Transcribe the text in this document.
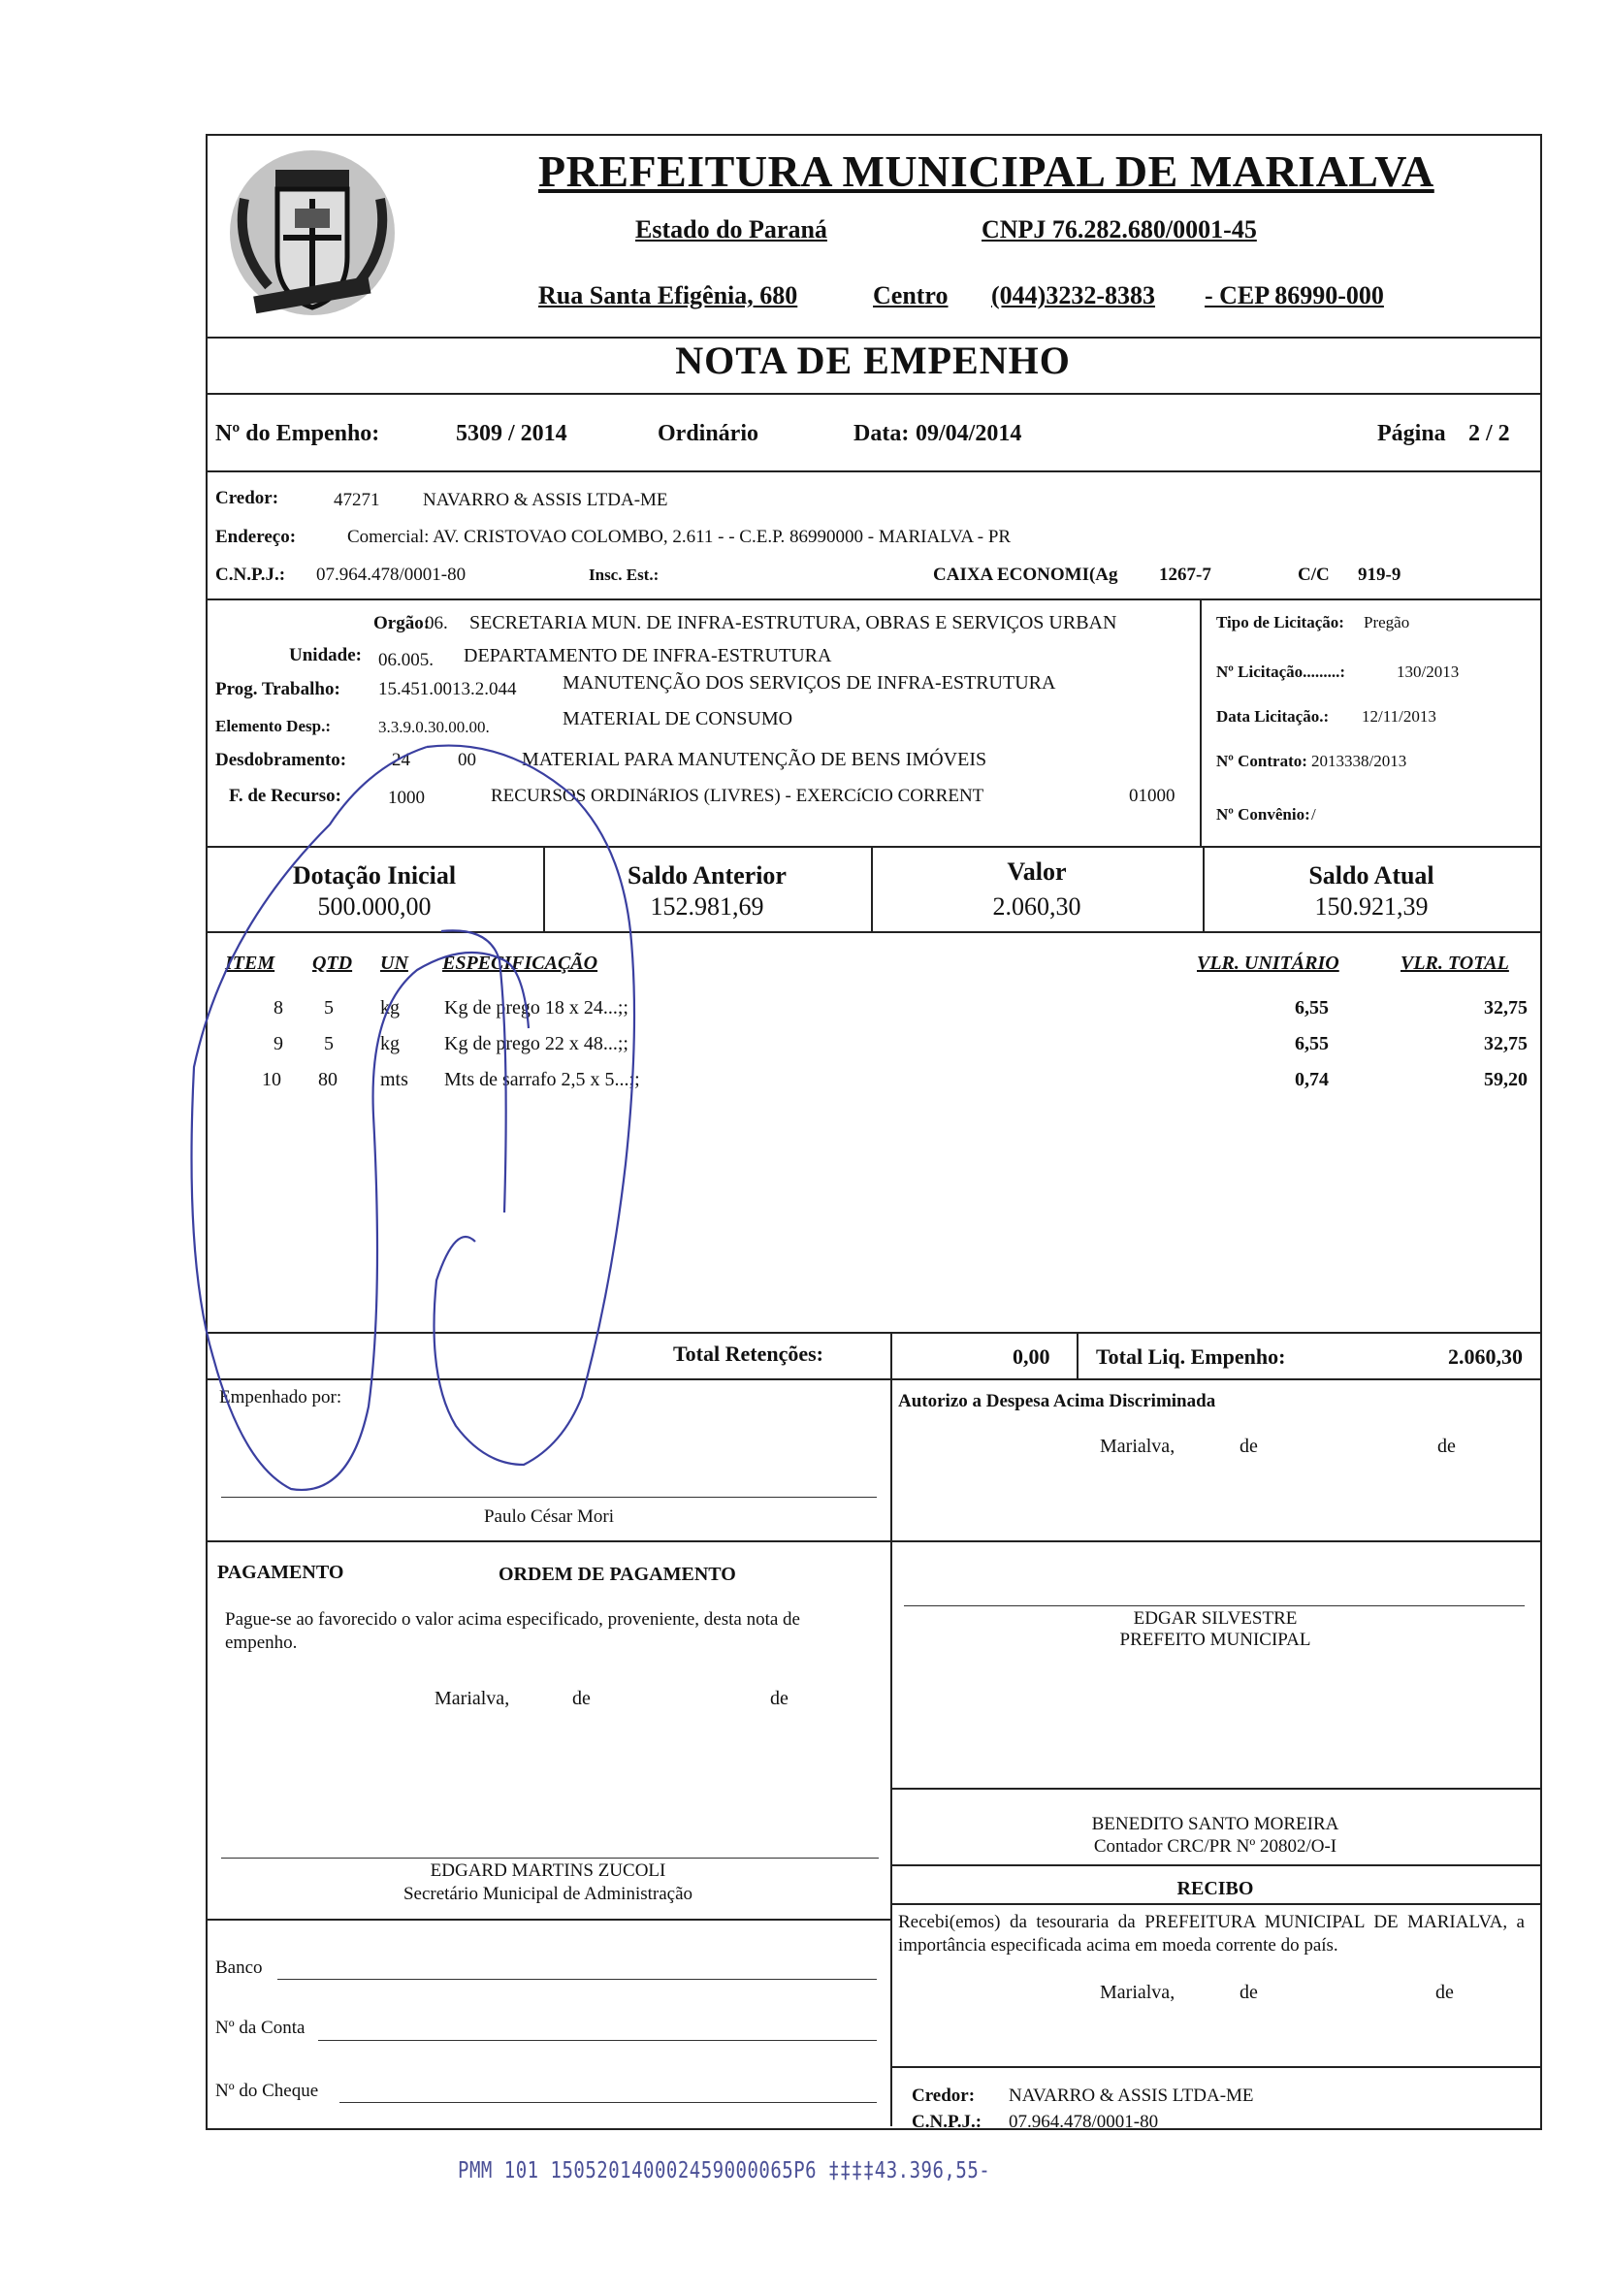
PREFEITURA MUNICIPAL DE MARIALVA
Estado do Paraná	CNPJ 76.282.680/0001-45
Rua Santa Efigênia, 680	Centro (044)3232-8383 - CEP 86990-000
NOTA DE EMPENHO
Nº do Empenho:	5309 / 2014	Ordinário	Data: 09/04/2014	Página 2 / 2
Credor:	47271 NAVARRO & ASSIS LTDA-ME
Endereço:	Comercial: AV. CRISTOVAO COLOMBO, 2.611 - - C.E.P. 86990000 - MARIALVA - PR
C.N.P.J.: 07.964.478/0001-80	Insc. Est.:	CAIXA ECONOMI(Ag 1267-7	C/C 919-9
Orgão:
06. SECRETARIA MUN. DE INFRA-ESTRUTURA, OBRAS E SERVIÇOS URBAN
Unidade: 06.005. DEPARTAMENTO DE INFRA-ESTRUTURA
Prog. Trabalho: 15.451.0013.2.044 MANUTENÇÃO DOS SERVIÇOS DE INFRA-ESTRUTURA
Elemento Desp.:	3.3.9.0.30.00.00.	MATERIAL DE CONSUMO
Desdobramento: 24	00 MATERIAL PARA MANUTENÇÃO DE BENS IMÓVEIS
F. de Recurso:	1000	RECURSOS ORDINáRIOS (LIVRES) - EXERCíCIO CORRENT	01000
Tipo de Licitação: Pregão
Nº Licitação.........:	130/2013
Data Licitação.: 12/11/2013
Nº Contrato: 2013338/2013
Nº Convênio: /
Dotação Inicial
500.000,00
Saldo Anterior
152.981,69
Valor
2.060,30
Saldo Atual
150.921,39
ITEM QTD UN ESPECIFICAÇÃO	VLR. UNITÁRIO	VLR. TOTAL
8 5 kg Kg de prego 18 x 24...;;	6,55	32,75
9 5 kg Kg de prego 22 x 48...;;	6,55	32,75
10 80 mts Mts de sarrafo 2,5 x 5...;;	0,74	59,20
Total Retenções:	0,00 Total Liq. Empenho:	2.060,30
Empenhado por:
Paulo César Mori
Autorizo a Despesa Acima Discriminada
Marialva,	de	de
PAGAMENTO	ORDEM DE PAGAMENTO
Pague-se ao favorecido o valor acima especificado, proveniente, desta nota de empenho.
Marialva,	de	de
EDGAR SILVESTRE
PREFEITO MUNICIPAL
BENEDITO SANTO MOREIRA
Contador CRC/PR Nº 20802/O-I
EDGARD MARTINS ZUCOLI
Secretário Municipal de Administração	RECIBO
Recebi(emos) da tesouraria da PREFEITURA MUNICIPAL DE MARIALVA, a importância especificada acima em moeda corrente do país.
Marialva,	de	de
Banco
Nº da Conta
Nº do Cheque	Credor: NAVARRO & ASSIS LTDA-ME
C.N.P.J.: 07.964.478/0001-80
PMM 101 150520140002459000065P6 ‡‡‡‡43.396,55-
